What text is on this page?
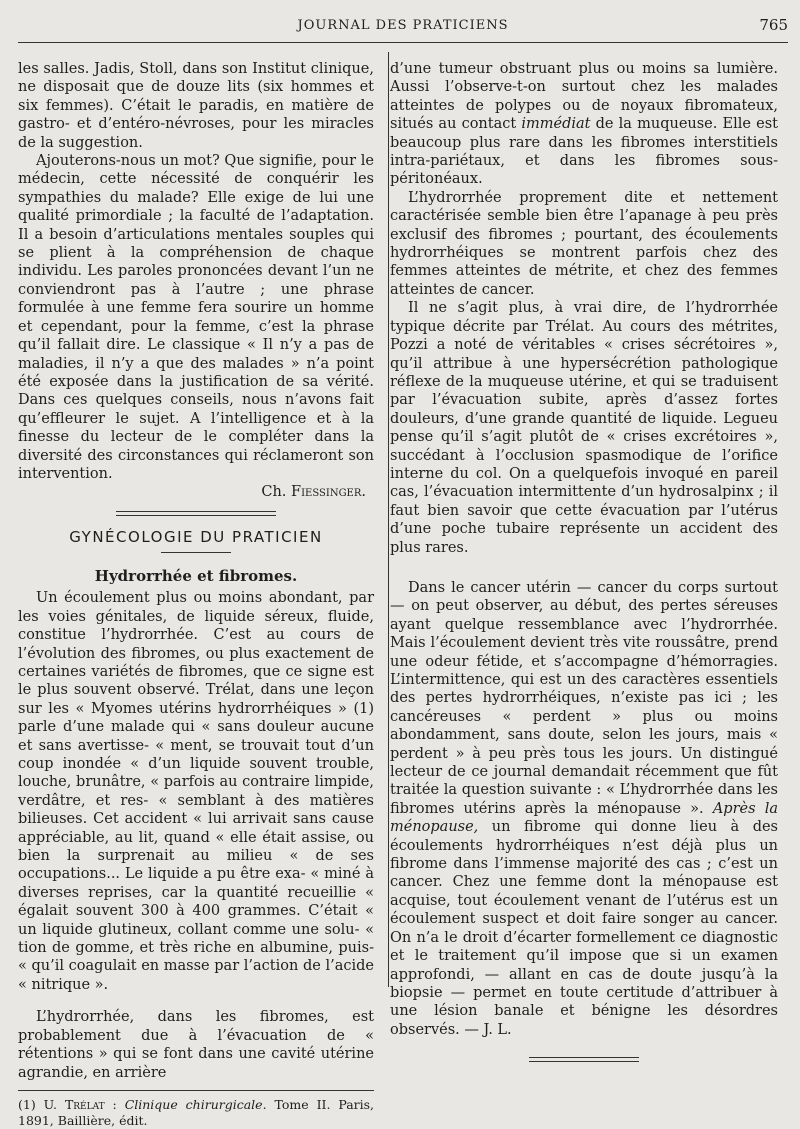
JOURNAL DES PRATICIENS	765

les salles. Jadis, Stoll, dans son Institut clinique, ne disposait que de douze lits (six hommes et six femmes). C’était le paradis, en matière de gastro- et d’entéro-névroses, pour les miracles de la suggestion.

Ajouterons-nous un mot? Que signifie, pour le médecin, cette nécessité de conquérir les sympathies du malade? Elle exige de lui une qualité primordiale ; la faculté de l’adaptation. Il a besoin d’articulations mentales souples qui se plient à la compréhension de chaque individu. Les paroles prononcées devant l’un ne conviendront pas à l’autre ; une phrase formulée à une femme fera sourire un homme et cependant, pour la femme, c’est la phrase qu’il fallait dire. Le classique « Il n’y a pas de maladies, il n’y a que des malades » n’a point été exposée dans la justification de sa vérité. Dans ces quelques conseils, nous n’avons fait qu’effleurer le sujet. A l’intelligence et à la finesse du lecteur de le compléter dans la diversité des circonstances qui réclameront son intervention.

Ch. Fiessinger.
GYNÉCOLOGIE DU PRATICIEN
Hydrorrhée et fibromes.

Un écoulement plus ou moins abondant, par les voies génitales, de liquide séreux, fluide, constitue l’hydrorrhée. C’est au cours de l’évolution des fibromes, ou plus exactement de certaines variétés de fibromes, que ce signe est le plus souvent observé. Trélat, dans une leçon sur les « Myomes utérins hydrorrhéiques » (1) parle d’une malade qui « sans douleur aucune et sans avertisse- « ment, se trouvait tout d’un coup inondée « d’un liquide souvent trouble, louche, brunâtre, « parfois au contraire limpide, verdâtre, et res- « semblant à des matières bilieuses. Cet accident « lui arrivait sans cause appréciable, au lit, quand « elle était assise, ou bien la surprenait au milieu « de ses occupations... Le liquide a pu être exa- « miné à diverses reprises, car la quantité recueillie « égalait souvent 300 à 400 grammes. C’était « un liquide glutineux, collant comme une solu- « tion de gomme, et très riche en albumine, puis- « qu’il coagulait en masse par l’action de l’acide « nitrique ».

L’hydrorrhée, dans les fibromes, est probablement due à l’évacuation de « rétentions » qui se font dans une cavité utérine agrandie, en arrière

(1) U. Trélat : Clinique chirurgicale. Tome II. Paris, 1891, Baillière, édit.

d’une tumeur obstruant plus ou moins sa lumière. Aussi l’observe-t-on surtout chez les malades atteintes de polypes ou de noyaux fibromateux, situés au contact immédiat de la muqueuse. Elle est beaucoup plus rare dans les fibromes interstitiels intra-pariétaux, et dans les fibromes sous-péritonéaux.

L’hydrorrhée proprement dite et nettement caractérisée semble bien être l’apanage à peu près exclusif des fibromes ; pourtant, des écoulements hydrorrhéiques se montrent parfois chez des femmes atteintes de métrite, et chez des femmes atteintes de cancer.

Il ne s’agit plus, à vrai dire, de l’hydrorrhée typique décrite par Trélat. Au cours des métrites, Pozzi a noté de véritables « crises sécrétoires », qu’il attribue à une hypersécrétion pathologique réflexe de la muqueuse utérine, et qui se traduisent par l’évacuation subite, après d’assez fortes douleurs, d’une grande quantité de liquide. Legueu pense qu’il s’agit plutôt de « crises excrétoires », succédant à l’occlusion spasmodique de l’orifice interne du col. On a quelquefois invoqué en pareil cas, l’évacuation intermittente d’un hydrosalpinx ; il faut bien savoir que cette évacuation par l’utérus d’une poche tubaire représente un accident des plus rares.

Dans le cancer utérin — cancer du corps surtout — on peut observer, au début, des pertes séreuses ayant quelque ressemblance avec l’hydrorrhée. Mais l’écoulement devient très vite roussâtre, prend une odeur fétide, et s’accompagne d’hémorragies. L’intermittence, qui est un des caractères essentiels des pertes hydrorrhéiques, n’existe pas ici ; les cancéreuses « perdent » plus ou moins abondamment, sans doute, selon les jours, mais « perdent » à peu près tous les jours. Un distingué lecteur de ce journal demandait récemment que fût traitée la question suivante : « L’hydrorrhée dans les fibromes utérins après la ménopause ». Après la ménopause, un fibrome qui donne lieu à des écoulements hydrorrhéiques n’est déjà plus un fibrome dans l’immense majorité des cas ; c’est un cancer. Chez une femme dont la ménopause est acquise, tout écoulement venant de l’utérus est un écoulement suspect et doit faire songer au cancer. On n’a le droit d’écarter formellement ce diagnostic et le traitement qu’il impose que si un examen approfondi, — allant en cas de doute jusqu’à la biopsie — permet en toute certitude d’attribuer à une lésion banale et bénigne les désordres observés. — J. L.
